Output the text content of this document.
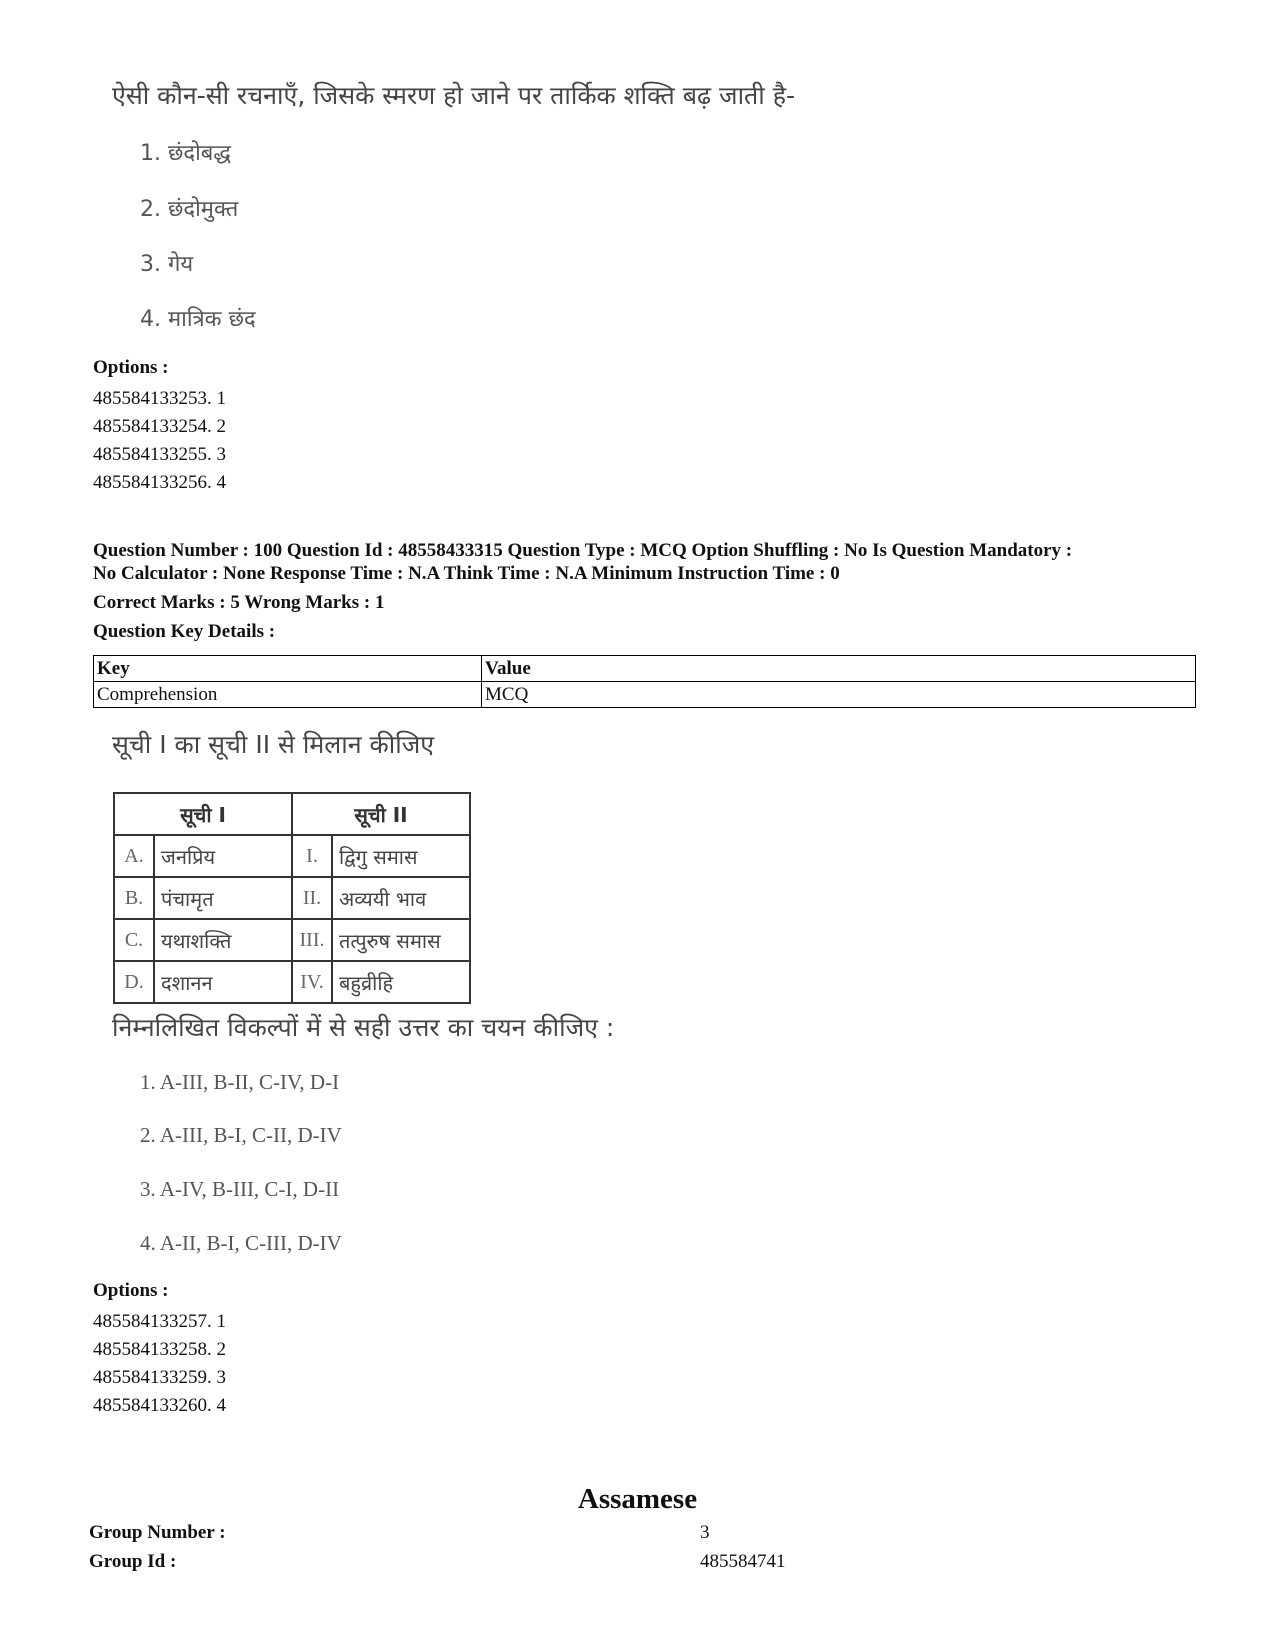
ऐसी कौन-सी रचनाएँ, जिसके स्मरण हो जाने पर तार्किक शक्ति बढ़ जाती है-
1. छंदोबद्ध
2. छंदोमुक्त
3. गेय
4. मात्रिक छंद
Options :
485584133253. 1
485584133254. 2
485584133255. 3
485584133256. 4
Question Number : 100 Question Id : 48558433315 Question Type : MCQ Option Shuffling : No Is Question Mandatory :
No Calculator : None Response Time : N.A Think Time : N.A Minimum Instruction Time : 0
Correct Marks : 5 Wrong Marks : 1
Question Key Details :
Key	Value
Comprehension	MCQ
सूची I का सूची II से मिलान कीजिए
सूची I		सूची II	
A.	जनप्रिय	I.	द्विगु समास
B.	पंचामृत	II.	अव्ययी भाव
C.	यथाशक्ति	III.	तत्पुरुष समास
D.	दशानन	IV.	बहुव्रीहि
निम्नलिखित विकल्पों में से सही उत्तर का चयन कीजिए :
1. A-III, B-II, C-IV, D-I
2. A-III, B-I, C-II, D-IV
3. A-IV, B-III, C-I, D-II
4. A-II, B-I, C-III, D-IV
Options :
485584133257. 1
485584133258. 2
485584133259. 3
485584133260. 4
Assamese
Group Number :	3
Group Id :	485584741
